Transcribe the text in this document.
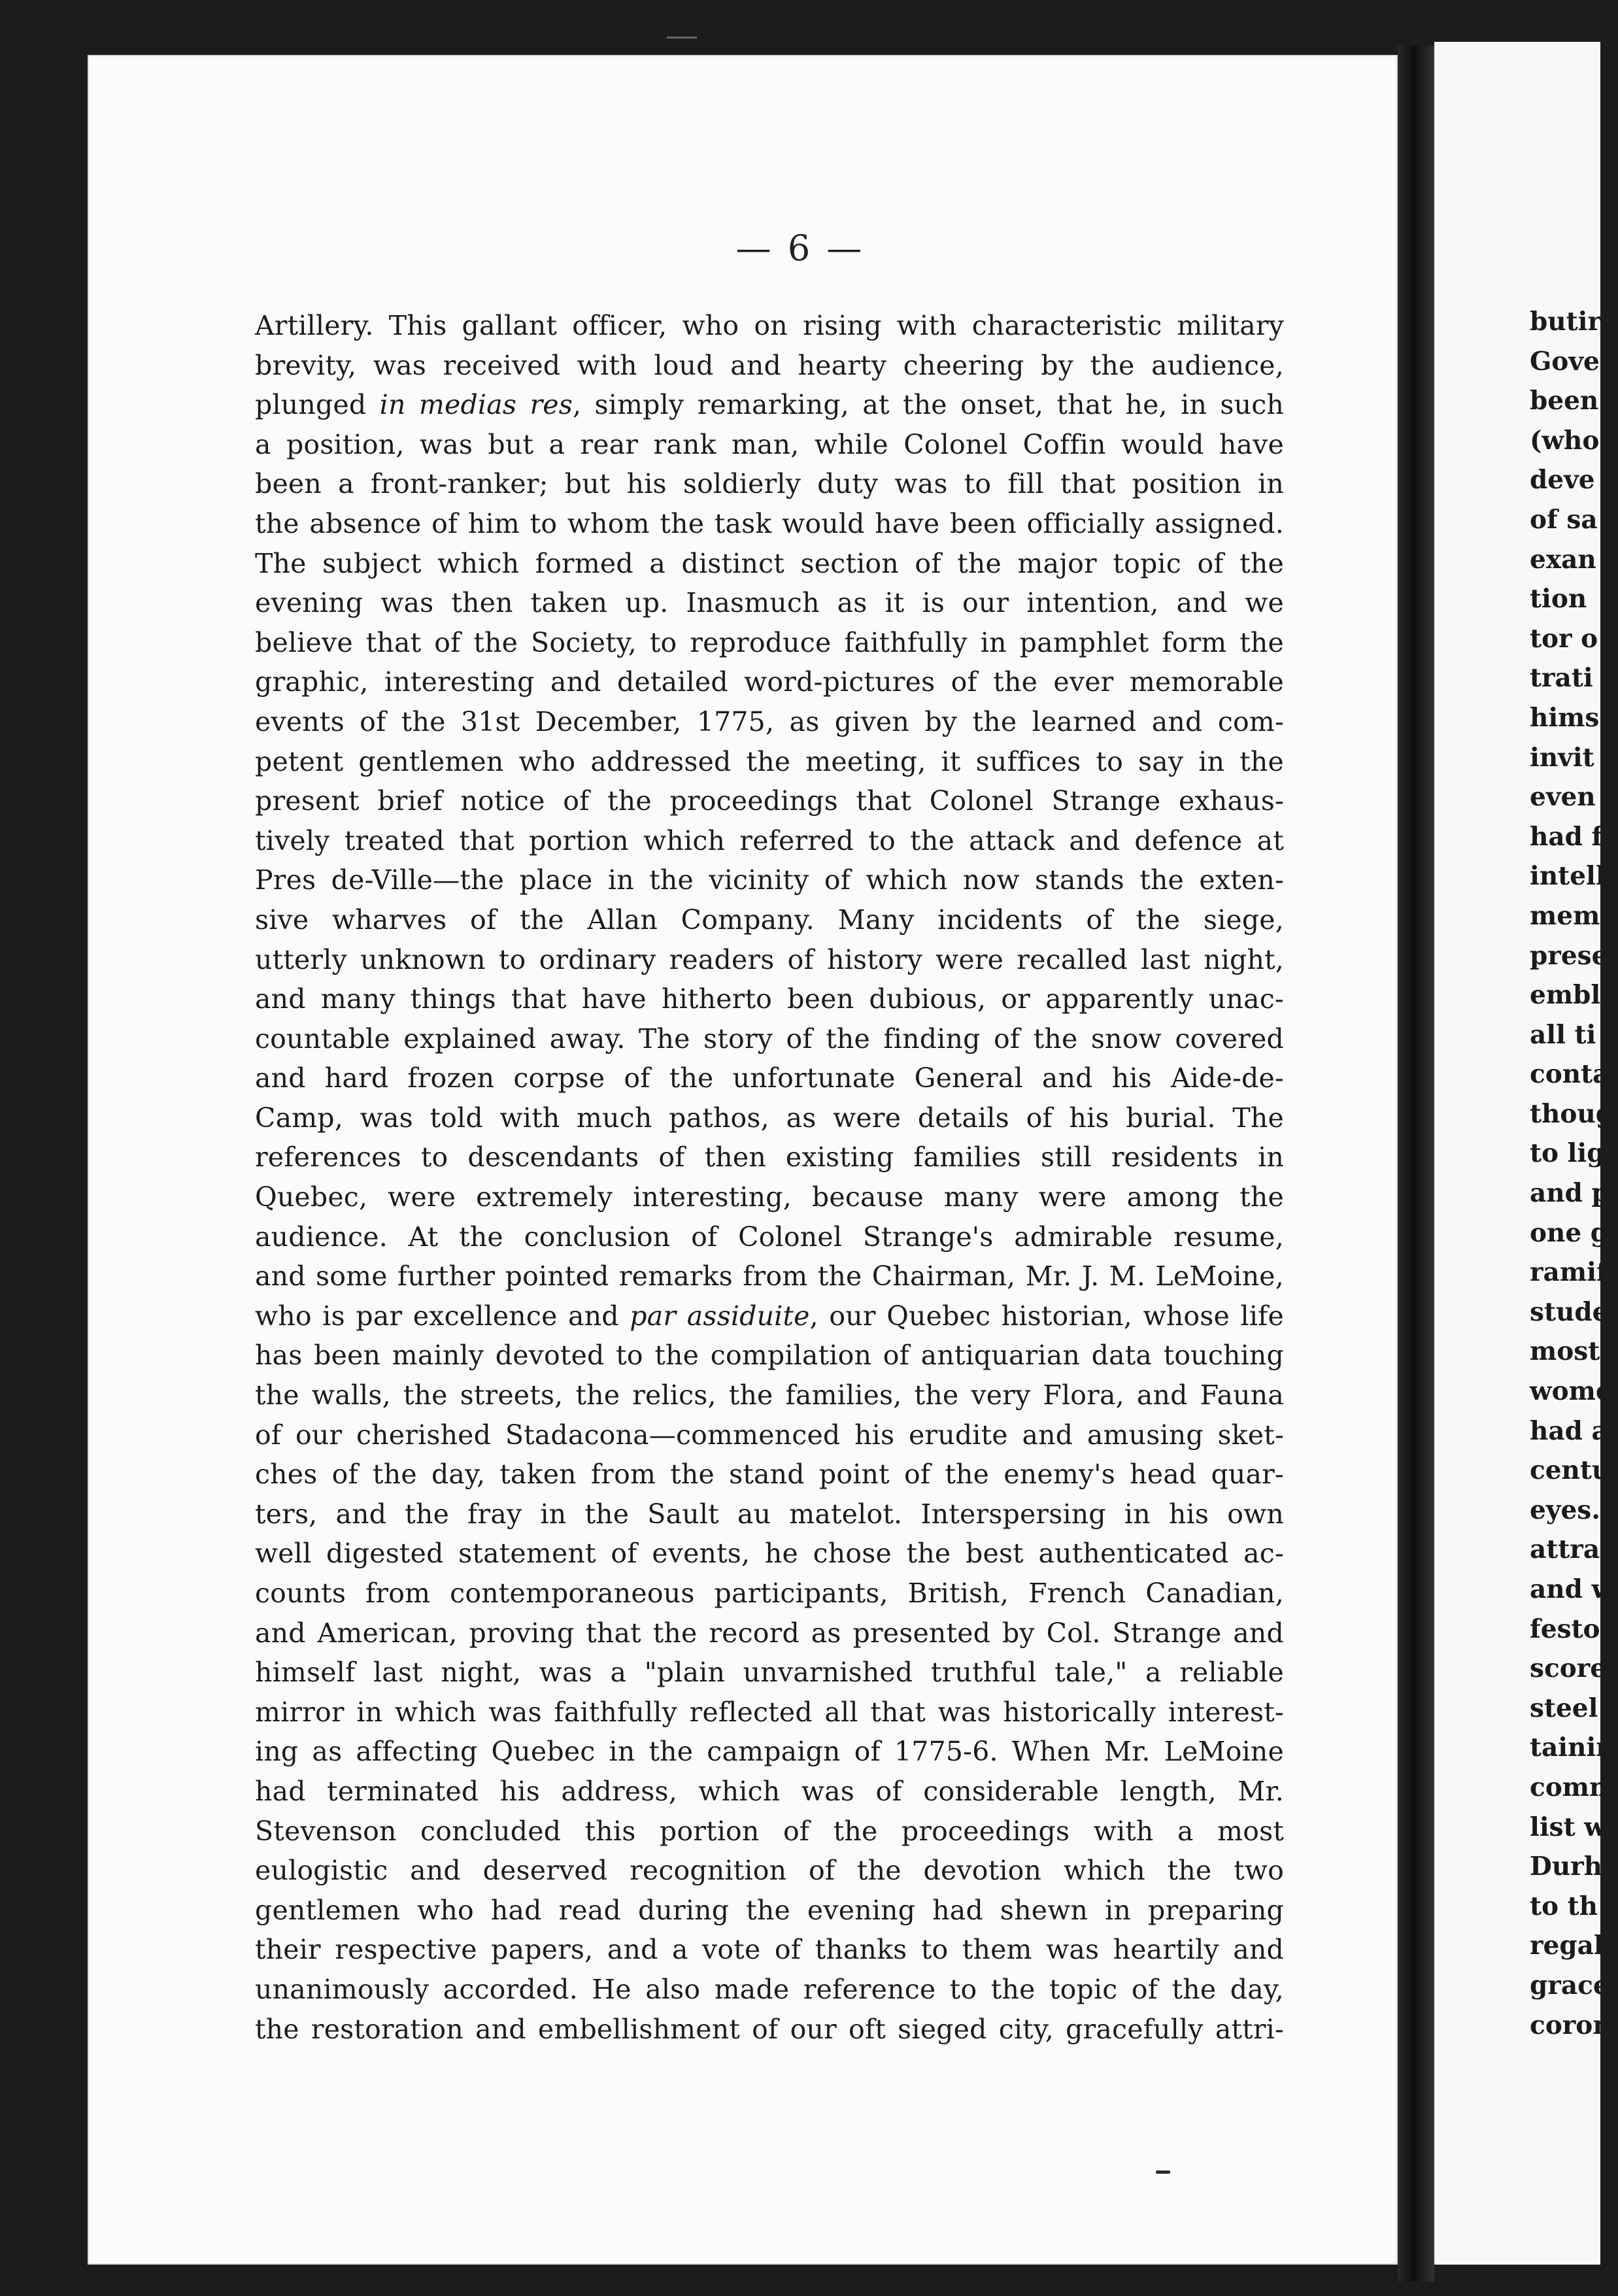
— 6 —
Artillery. This gallant officer, who on rising with characteristic military
brevity, was received with loud and hearty cheering by the audience,
plunged in medias res, simply remarking, at the onset, that he, in such
a position, was but a rear rank man, while Colonel Coffin would have
been a front-ranker; but his soldierly duty was to fill that position in
the absence of him to whom the task would have been officially assigned.
The subject which formed a distinct section of the major topic of the
evening was then taken up. Inasmuch as it is our intention, and we
believe that of the Society, to reproduce faithfully in pamphlet form the
graphic, interesting and detailed word-pictures of the ever memorable
events of the 31st December, 1775, as given by the learned and com-
petent gentlemen who addressed the meeting, it suffices to say in the
present brief notice of the proceedings that Colonel Strange exhaus-
tively treated that portion which referred to the attack and defence at
Pres de-Ville—the place in the vicinity of which now stands the exten-
sive wharves of the Allan Company. Many incidents of the siege,
utterly unknown to ordinary readers of history were recalled last night,
and many things that have hitherto been dubious, or apparently unac-
countable explained away. The story of the finding of the snow covered
and hard frozen corpse of the unfortunate General and his Aide-de-
Camp, was told with much pathos, as were details of his burial. The
references to descendants of then existing families still residents in
Quebec, were extremely interesting, because many were among the
audience. At the conclusion of Colonel Strange's admirable resume,
and some further pointed remarks from the Chairman, Mr. J. M. LeMoine,
who is par excellence and par assiduite, our Quebec historian, whose life
has been mainly devoted to the compilation of antiquarian data touching
the walls, the streets, the relics, the families, the very Flora, and Fauna
of our cherished Stadacona—commenced his erudite and amusing sket-
ches of the day, taken from the stand point of the enemy's head quar-
ters, and the fray in the Sault au matelot. Interspersing in his own
well digested statement of events, he chose the best authenticated ac-
counts from contemporaneous participants, British, French Canadian,
and American, proving that the record as presented by Col. Strange and
himself last night, was a "plain unvarnished truthful tale," a reliable
mirror in which was faithfully reflected all that was historically interest-
ing as affecting Quebec in the campaign of 1775-6. When Mr. LeMoine
had terminated his address, which was of considerable length, Mr.
Stevenson concluded this portion of the proceedings with a most
eulogistic and deserved recognition of the devotion which the two
gentlemen who had read during the evening had shewn in preparing
their respective papers, and a vote of thanks to them was heartily and
unanimously accorded. He also made reference to the topic of the day,
the restoration and embellishment of our oft sieged city, gracefully attri-
butir
Gove
been
(who
deve
of sa
exan
tion
tor o
trati
hims
invit
even
had f
intell
mem
prese
embl
all ti
conta
thoug
to lig
and p
one g
ramif
stude
most
wome
had a
centu
eyes.
attra
and w
festo
score
steel
tainin
comm
list w
Durh
to th
regall
grace,
coron
